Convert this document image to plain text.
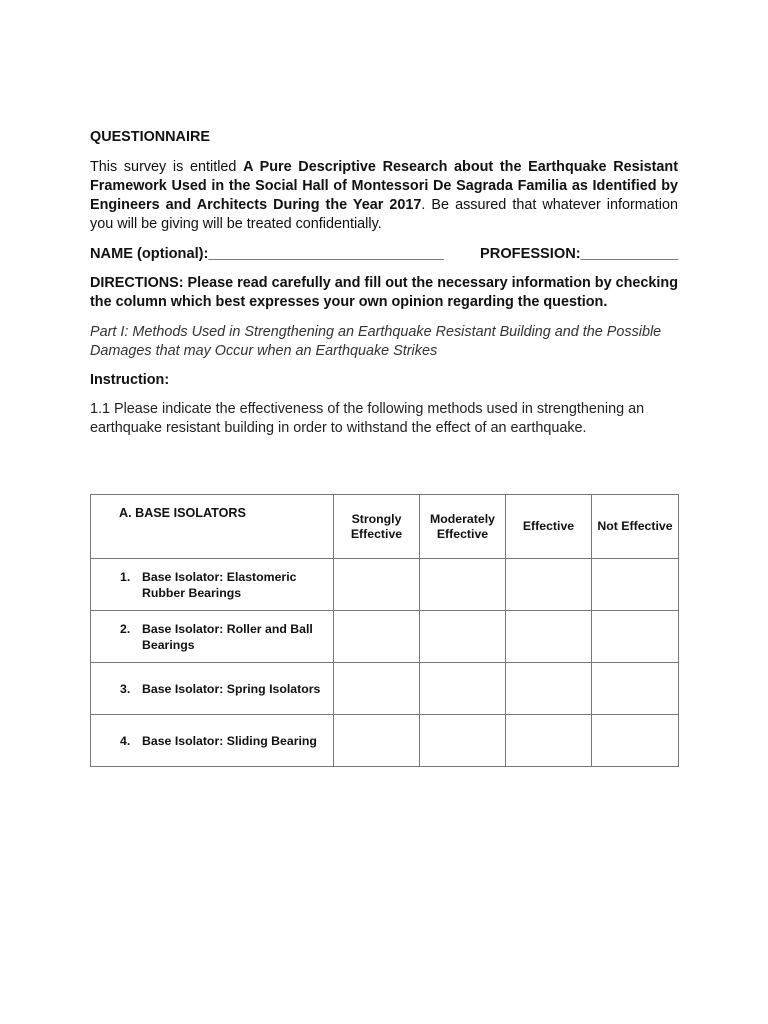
QUESTIONNAIRE

This survey is entitled A Pure Descriptive Research about the Earthquake Resistant Framework Used in the Social Hall of Montessori De Sagrada Familia as Identified by Engineers and Architects During the Year 2017. Be assured that whatever information you will be giving will be treated confidentially.

NAME (optional):_____________________________ PROFESSION:____________

DIRECTIONS: Please read carefully and fill out the necessary information by checking the column which best expresses your own opinion regarding the question.

Part I: Methods Used in Strengthening an Earthquake Resistant Building and the Possible Damages that may Occur when an Earthquake Strikes

Instruction:

1.1 Please indicate the effectiveness of the following methods used in strengthening an earthquake resistant building in order to withstand the effect of an earthquake.

A. BASE ISOLATORS	Strongly Effective	Moderately Effective	Effective	Not Effective
1. Base Isolator: Elastomeric Rubber Bearings				
2. Base Isolator: Roller and Ball Bearings				
3. Base Isolator: Spring Isolators				
4. Base Isolator: Sliding Bearing				
